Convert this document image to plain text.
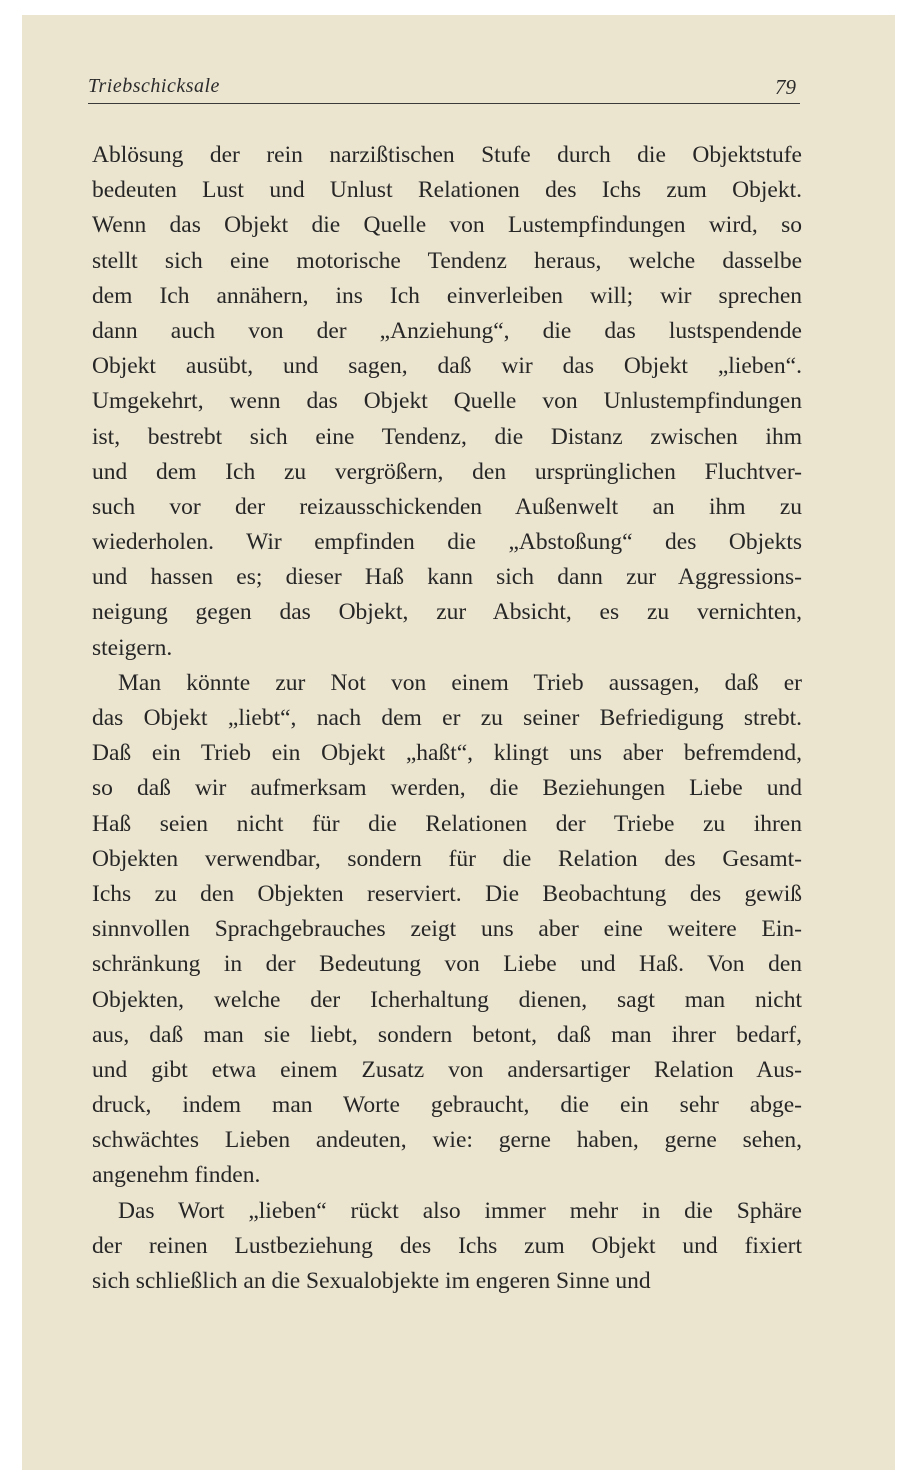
Triebschicksale	79
Ablösung der rein narzißtischen Stufe durch die Objektstufe
bedeuten Lust und Unlust Relationen des Ichs zum Objekt.
Wenn das Objekt die Quelle von Lustempfindungen wird, so
stellt sich eine motorische Tendenz heraus, welche dasselbe
dem Ich annähern, ins Ich einverleiben will; wir sprechen
dann auch von der „Anziehung“, die das lustspendende
Objekt ausübt, und sagen, daß wir das Objekt „lieben“.
Umgekehrt, wenn das Objekt Quelle von Unlustempfindungen
ist, bestrebt sich eine Tendenz, die Distanz zwischen ihm
und dem Ich zu vergrößern, den ursprünglichen Fluchtver-
such vor der reizausschickenden Außenwelt an ihm zu
wiederholen. Wir empfinden die „Abstoßung“ des Objekts
und hassen es; dieser Haß kann sich dann zur Aggressions-
neigung gegen das Objekt, zur Absicht, es zu vernichten,
steigern.
Man könnte zur Not von einem Trieb aussagen, daß er
das Objekt „liebt“, nach dem er zu seiner Befriedigung strebt.
Daß ein Trieb ein Objekt „haßt“, klingt uns aber befremdend,
so daß wir aufmerksam werden, die Beziehungen Liebe und
Haß seien nicht für die Relationen der Triebe zu ihren
Objekten verwendbar, sondern für die Relation des Gesamt-
Ichs zu den Objekten reserviert. Die Beobachtung des gewiß
sinnvollen Sprachgebrauches zeigt uns aber eine weitere Ein-
schränkung in der Bedeutung von Liebe und Haß. Von den
Objekten, welche der Icherhaltung dienen, sagt man nicht
aus, daß man sie liebt, sondern betont, daß man ihrer bedarf,
und gibt etwa einem Zusatz von andersartiger Relation Aus-
druck, indem man Worte gebraucht, die ein sehr abge-
schwächtes Lieben andeuten, wie: gerne haben, gerne sehen,
angenehm finden.
Das Wort „lieben“ rückt also immer mehr in die Sphäre
der reinen Lustbeziehung des Ichs zum Objekt und fixiert
sich schließlich an die Sexualobjekte im engeren Sinne und
